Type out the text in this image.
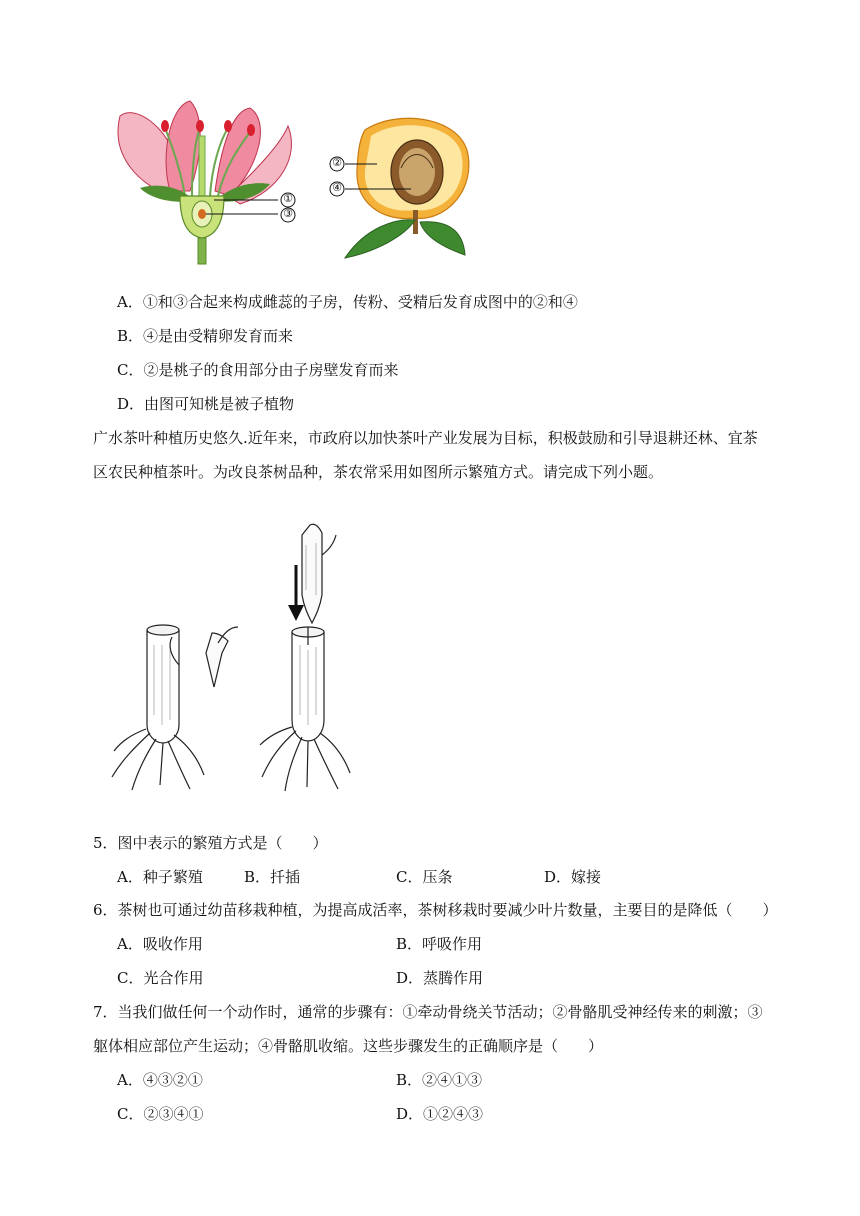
①
③
②
④
A．①和③合起来构成雌蕊的子房，传粉、受精后发育成图中的②和④
B．④是由受精卵发育而来
C．②是桃子的食用部分由子房壁发育而来
D．由图可知桃是被子植物
广水茶叶种植历史悠久.近年来，市政府以加快茶叶产业发展为目标，积极鼓励和引导退耕还林、宜茶
区农民种植茶叶。为改良茶树品种，茶农常采用如图所示繁殖方式。请完成下列小题。
5．图中表示的繁殖方式是（　　）
A．种子繁殖	B．扦插	C．压条	D．嫁接
6．茶树也可通过幼苗移栽种植，为提高成活率，茶树移栽时要减少叶片数量，主要目的是降低（　　）
A．吸收作用	B．呼吸作用
C．光合作用	D．蒸腾作用
7．当我们做任何一个动作时，通常的步骤有：①牵动骨绕关节活动；②骨骼肌受神经传来的刺激；③
躯体相应部位产生运动；④骨骼肌收缩。这些步骤发生的正确顺序是（　　）
A．④③②①	B．②④①③
C．②③④①	D．①②④③
